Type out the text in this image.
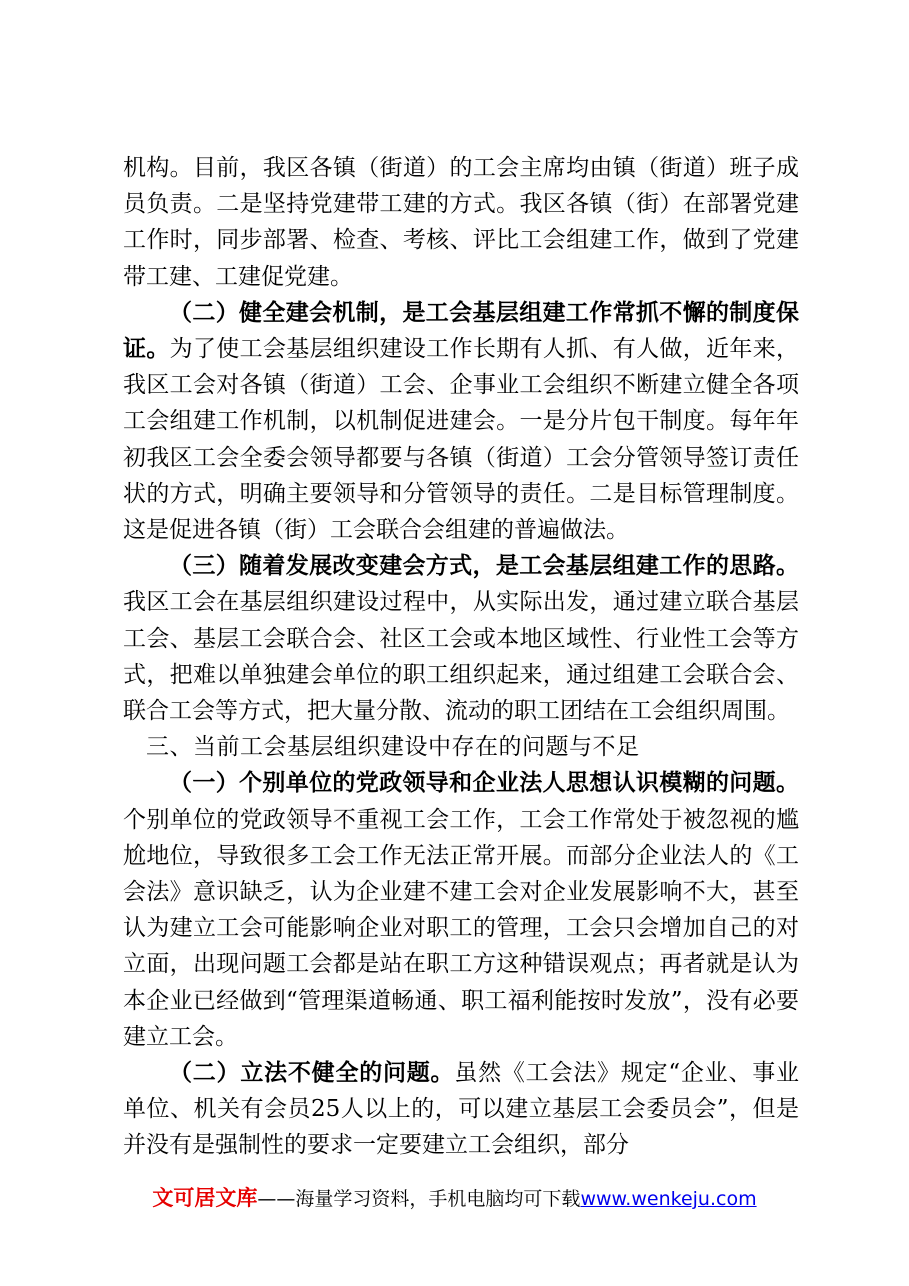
机构。目前，我区各镇（街道）的工会主席均由镇（街道）班子成员负责。二是坚持党建带工建的方式。我区各镇（街）在部署党建工作时，同步部署、检查、考核、评比工会组建工作，做到了党建带工建、工建促党建。

（二）健全建会机制，是工会基层组建工作常抓不懈的制度保证。为了使工会基层组织建设工作长期有人抓、有人做，近年来，我区工会对各镇（街道）工会、企事业工会组织不断建立健全各项工会组建工作机制，以机制促进建会。一是分片包干制度。每年年初我区工会全委会领导都要与各镇（街道）工会分管领导签订责任状的方式，明确主要领导和分管领导的责任。二是目标管理制度。这是促进各镇（街）工会联合会组建的普遍做法。

（三）随着发展改变建会方式，是工会基层组建工作的思路。我区工会在基层组织建设过程中，从实际出发，通过建立联合基层工会、基层工会联合会、社区工会或本地区域性、行业性工会等方式，把难以单独建会单位的职工组织起来，通过组建工会联合会、联合工会等方式，把大量分散、流动的职工团结在工会组织周围。

三、当前工会基层组织建设中存在的问题与不足

（一）个别单位的党政领导和企业法人思想认识模糊的问题。个别单位的党政领导不重视工会工作，工会工作常处于被忽视的尴尬地位，导致很多工会工作无法正常开展。而部分企业法人的《工会法》意识缺乏，认为企业建不建工会对企业发展影响不大，甚至认为建立工会可能影响企业对职工的管理，工会只会增加自己的对立面，出现问题工会都是站在职工方这种错误观点；再者就是认为本企业已经做到“管理渠道畅通、职工福利能按时发放”，没有必要建立工会。

（二）立法不健全的问题。虽然《工会法》规定“企业、事业单位、机关有会员25人以上的，可以建立基层工会委员会”，但是并没有是强制性的要求一定要建立工会组织，部分

文可居文库——海量学习资料，手机电脑均可下载www.wenkeju.com
